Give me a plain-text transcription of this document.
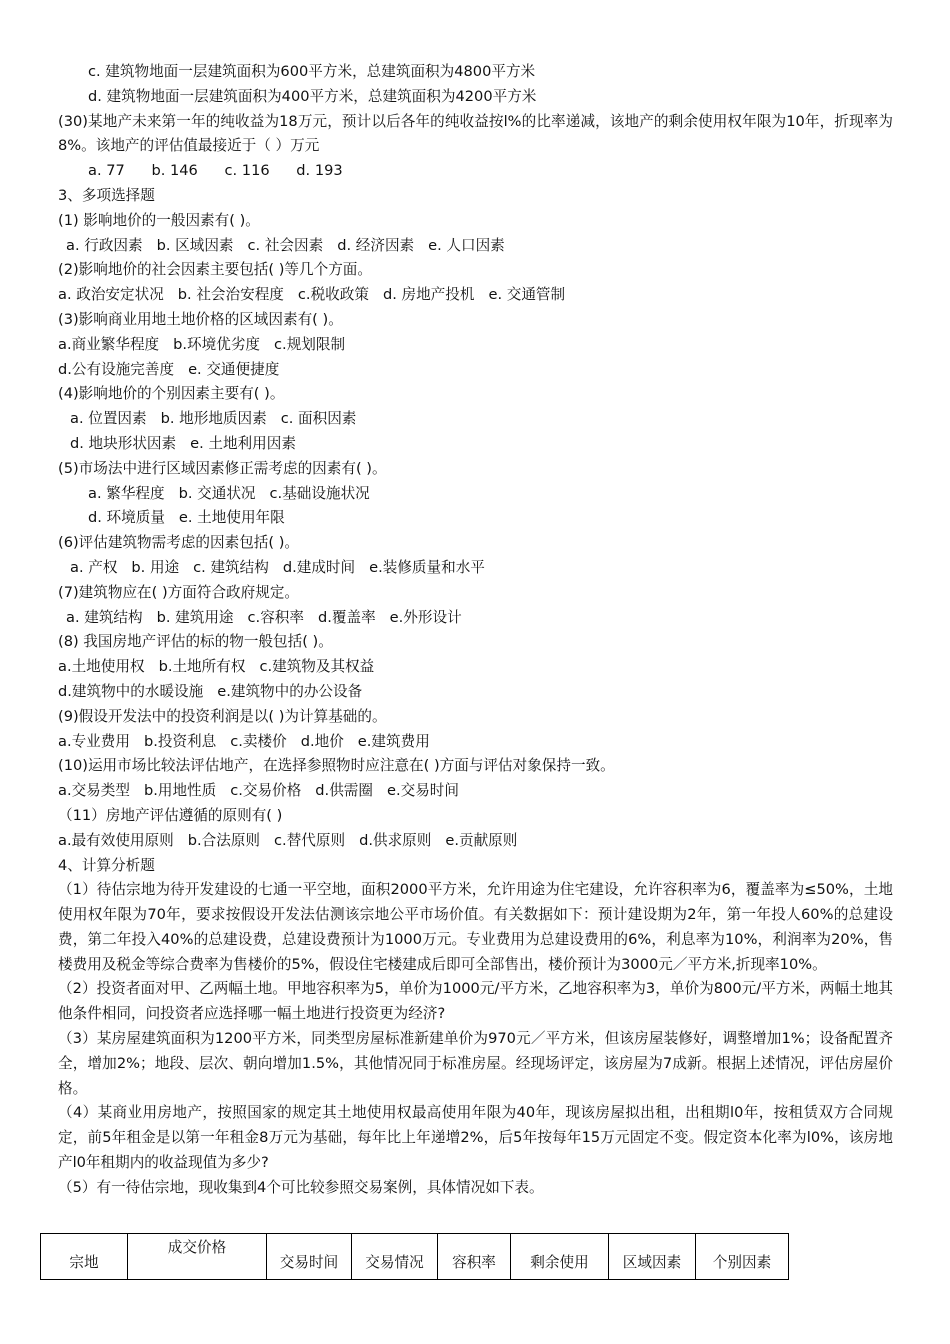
c. 建筑物地面一层建筑面积为600平方米，总建筑面积为4800平方米
d. 建筑物地面一层建筑面积为400平方米，总建筑面积为4200平方米
(30)某地产未来第一年的纯收益为18万元，预计以后各年的纯收益按l%的比率递减，该地产的剩余使用权年限为10年，折现率为8%。该地产的评估值最接近于（ ）万元
a. 77 b. 146 c. 116 d. 193
3、多项选择题
(1) 影响地价的一般因素有( )。
a. 行政因素 b. 区域因素 c. 社会因素 d. 经济因素 e. 人口因素
(2)影响地价的社会因素主要包括( )等几个方面。
a. 政治安定状况 b. 社会治安程度 c.税收政策 d. 房地产投机 e. 交通管制
(3)影响商业用地土地价格的区域因素有( )。
a.商业繁华程度 b.环境优劣度 c.规划限制
d.公有设施完善度 e. 交通便捷度
(4)影响地价的个别因素主要有( )。
a. 位置因素 b. 地形地质因素 c. 面积因素
d. 地块形状因素 e. 土地利用因素
(5)市场法中进行区域因素修正需考虑的因素有( )。
a. 繁华程度 b. 交通状况 c.基础设施状况
d. 环境质量 e. 土地使用年限
(6)评估建筑物需考虑的因素包括( )。
a. 产权 b. 用途 c. 建筑结构 d.建成时间 e.装修质量和水平
(7)建筑物应在( )方面符合政府规定。
a. 建筑结构 b. 建筑用途 c.容积率 d.覆盖率 e.外形设计
(8) 我国房地产评估的标的物一般包括( )。
a.土地使用权 b.土地所有权 c.建筑物及其权益
d.建筑物中的水暖设施 e.建筑物中的办公设备
(9)假设开发法中的投资利润是以( )为计算基础的。
a.专业费用 b.投资利息 c.卖楼价 d.地价 e.建筑费用
(10)运用市场比较法评估地产，在选择参照物时应注意在( )方面与评估对象保持一致。
a.交易类型 b.用地性质 c.交易价格 d.供需圈 e.交易时间
（11）房地产评估遵循的原则有( )
a.最有效使用原则 b.合法原则 c.替代原则 d.供求原则 e.贡献原则
4、计算分析题
（1）待估宗地为待开发建设的七通一平空地，面积2000平方米，允许用途为住宅建设，允许容积率为6，覆盖率为≤50%，土地使用权年限为70年，要求按假设开发法估测该宗地公平市场价值。有关数据如下：预计建设期为2年，第一年投人60%的总建设费，第二年投入40%的总建设费，总建设费预计为1000万元。专业费用为总建设费用的6%，利息率为10%，利润率为20%，售楼费用及税金等综合费率为售楼价的5%，假设住宅楼建成后即可全部售出，楼价预计为3000元／平方米,折现率10%。
（2）投资者面对甲、乙两幅土地。甲地容积率为5，单价为1000元/平方米，乙地容积率为3，单价为800元/平方米，两幅土地其他条件相同，问投资者应选择哪一幅土地进行投资更为经济?
（3）某房屋建筑面积为1200平方米，同类型房屋标准新建单价为970元／平方米，但该房屋装修好，调整增加1%；设备配置齐全，增加2%；地段、层次、朝向增加1.5%，其他情况同于标准房屋。经现场评定，该房屋为7成新。根据上述情况，评估房屋价格。
（4）某商业用房地产，按照国家的规定其土地使用权最高使用年限为40年，现该房屋拟出租，出租期l0年，按租赁双方合同规定，前5年租金是以第一年租金8万元为基础，每年比上年递增2%，后5年按每年15万元固定不变。假定资本化率为l0%，该房地产l0年租期内的收益现值为多少?
（5）有一待估宗地，现收集到4个可比较参照交易案例，具体情况如下表。
宗地	成交价格	交易时间	交易情况	容积率	剩余使用	区域因素	个别因素
